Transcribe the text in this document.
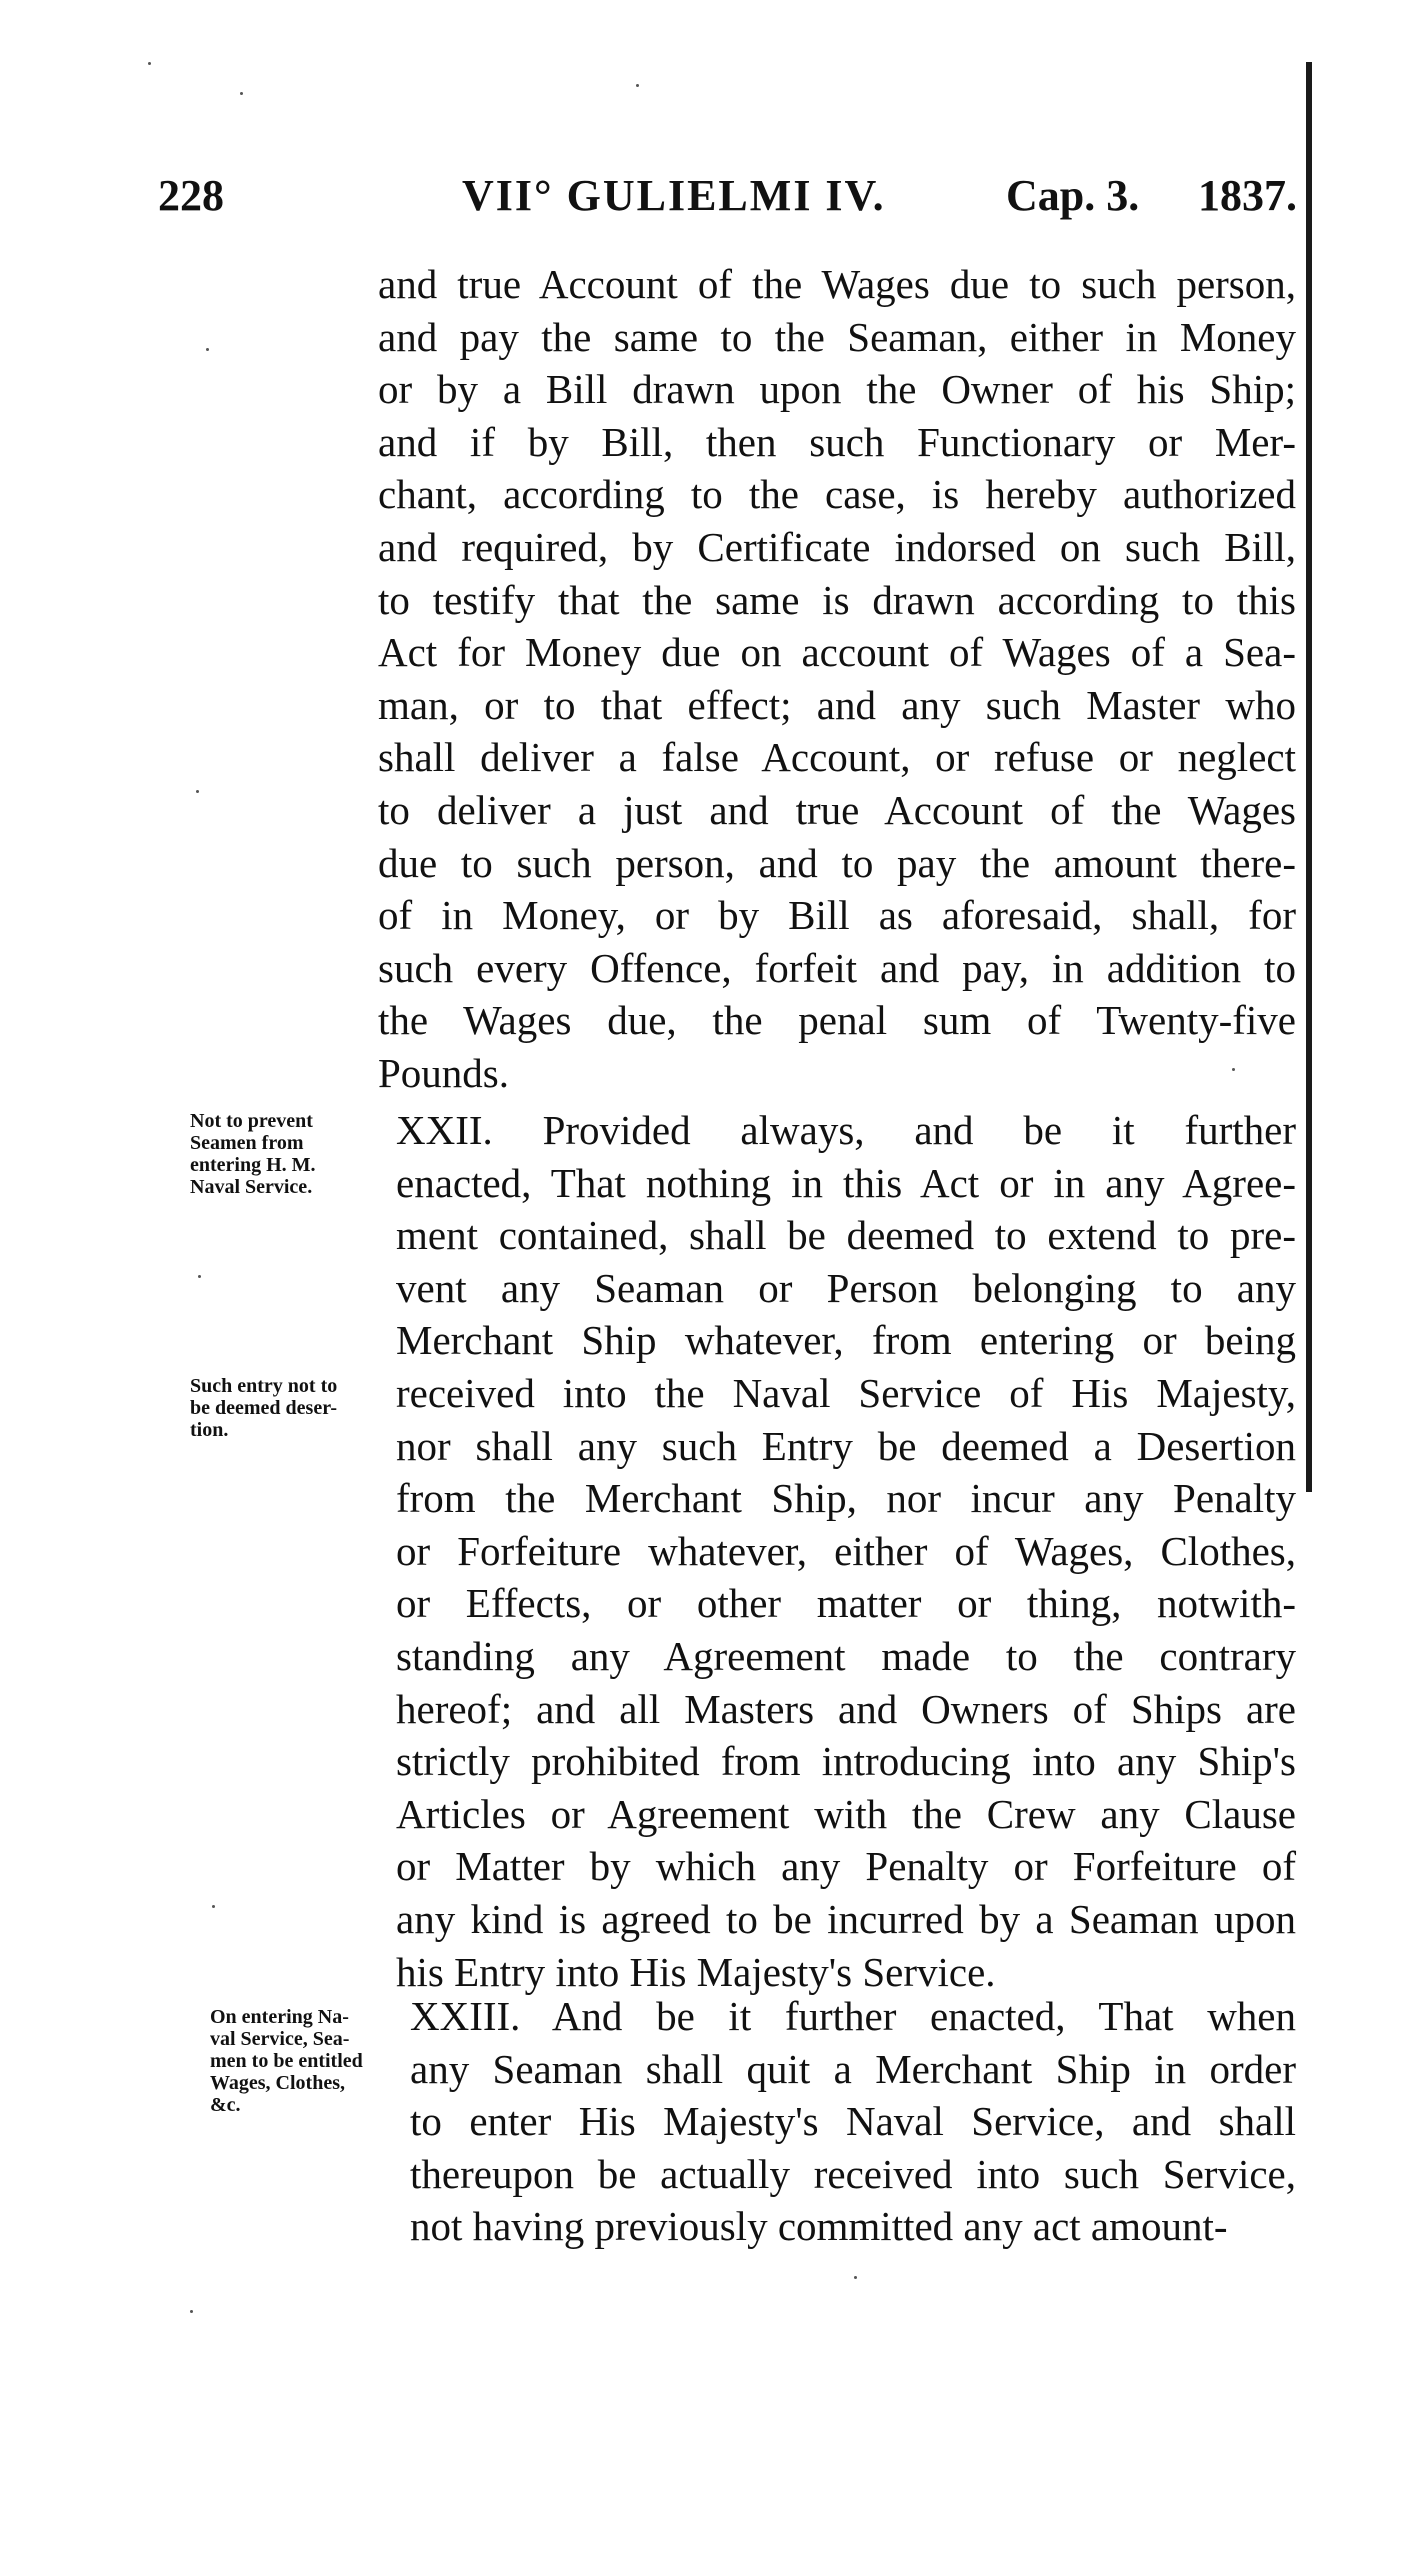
228	VII° GULIELMI IV.	Cap. 3. 1837.
and true Account of the Wages due to such person,
and pay the same to the Seaman, either in Money
or by a Bill drawn upon the Owner of his Ship;
and if by Bill, then such Functionary or Mer-
chant, according to the case, is hereby authorized
and required, by Certificate indorsed on such Bill,
to testify that the same is drawn according to this
Act for Money due on account of Wages of a Sea-
man, or to that effect; and any such Master who
shall deliver a false Account, or refuse or neglect
to deliver a just and true Account of the Wages
due to such person, and to pay the amount there-
of in Money, or by Bill as aforesaid, shall, for
such every Offence, forfeit and pay, in addition to
the Wages due, the penal sum of Twenty-five
Pounds.
Not to prevent
Seamen from
entering H. M.
Naval Service.
XXII. Provided always, and be it further
enacted, That nothing in this Act or in any Agree-
ment contained, shall be deemed to extend to pre-
vent any Seaman or Person belonging to any
Merchant Ship whatever, from entering or being
received into the Naval Service of His Majesty,
nor shall any such Entry be deemed a Desertion
from the Merchant Ship, nor incur any Penalty
or Forfeiture whatever, either of Wages, Clothes,
or Effects, or other matter or thing, notwith-
standing any Agreement made to the contrary
hereof; and all Masters and Owners of Ships are
strictly prohibited from introducing into any Ship's
Articles or Agreement with the Crew any Clause
or Matter by which any Penalty or Forfeiture of
any kind is agreed to be incurred by a Seaman upon
his Entry into His Majesty's Service.
Such entry not to
be deemed deser-
tion.
On entering Na-
val Service, Sea-
men to be entitled
Wages, Clothes,
&c.
XXIII. And be it further enacted, That when
any Seaman shall quit a Merchant Ship in order
to enter His Majesty's Naval Service, and shall
thereupon be actually received into such Service,
not having previously committed any act amount-
